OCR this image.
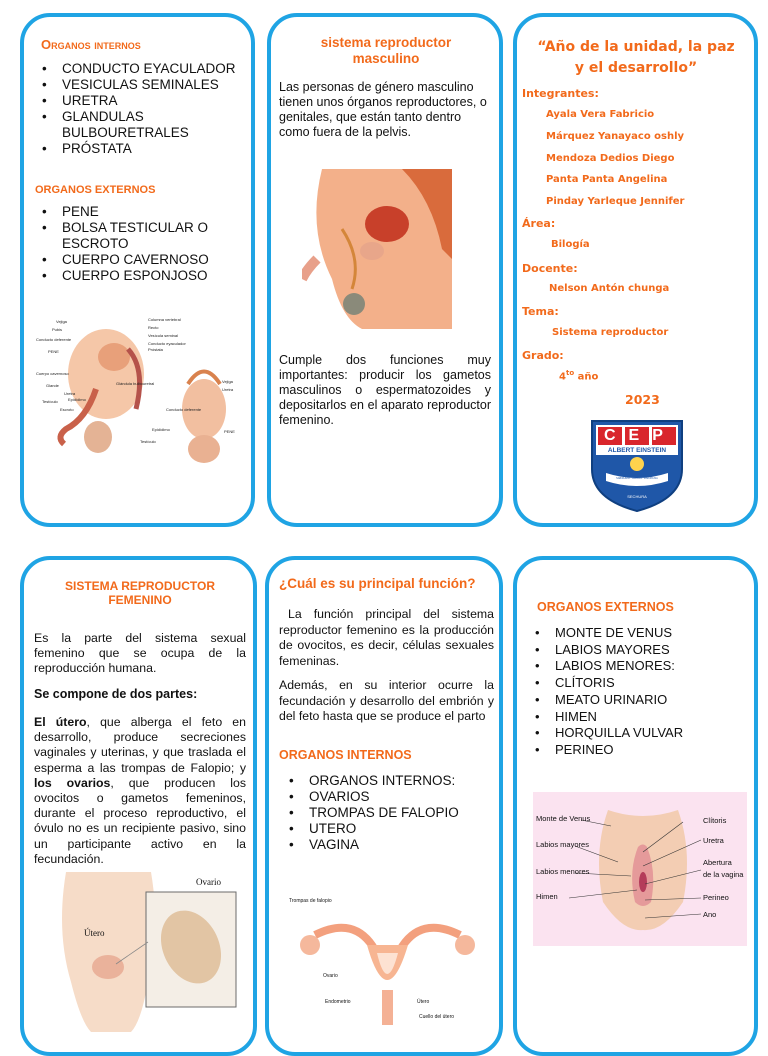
Organos internos
• CONDUCTO EYACULADOR
• VESICULAS SEMINALES
• URETRA
• GLANDULAS BULBOURETRALES
• PRÓSTATA
ORGANOS EXTERNOS
• PENE
• BOLSA TESTICULAR O ESCROTO
• CUERPO CAVERNOSO
• CUERPO ESPONJOSO
Vejiga
Pubis
Conducto deferente
PENE
Cuerpo cavernoso
Glande
Testículo
Uretra
Epidídimo
Escroto
Columna vertebral
Recto
Vesícula seminal
Conducto eyaculador
Próstata
Glándula bulbouretral	Vejiga
Uretra
Conducto deferente
PENE
Epidídimo
Testículo
sistema reproductor masculino
Las personas de género masculino tienen unos órganos reproductores, o genitales, que están tanto dentro como fuera de la pelvis.
Cumple dos funciones muy importantes: producir los gametos masculinos o espermatozoides y depositarlos en el aparato reproductor femenino.
“Año de la unidad, la paz y el desarrollo”
Integrantes:
Ayala Vera Fabricio
Márquez Yanayaco oshly
Mendoza Dedios Diego
Panta Panta Angelina
Pinday Yarleque Jennifer
Área:
Bilogía
Docente:
Nelson Antón chunga
Tema:
Sistema reproductor
Grado:
$4^{to}$ año
2023
CEP
ALBERT EINSTEIN
SABIDURÍA · CIENCIA · DISCIPLINA
SECHURA
SISTEMA REPRODUCTOR FEMENINO
Es la parte del sistema sexual femenino que se ocupa de la reproducción humana.
Se compone de dos partes:
El útero, que alberga el feto en desarrollo, produce secreciones vaginales y uterinas, y que traslada el esperma a las trompas de Falopio; y los ovarios, que producen los ovocitos o gametos femeninos, durante el proceso reproductivo, el óvulo no es un recipiente pasivo, sino un participante activo en la fecundación.
Ovario
Útero
¿Cuál es su principal función?
La función principal del sistema reproductor femenino es la producción de ovocitos, es decir, células sexuales femeninas.
Además, en su interior ocurre la fecundación y desarrollo del embrión y del feto hasta que se produce el parto
ORGANOS INTERNOS
• ORGANOS INTERNOS:
• OVARIOS
• TROMPAS DE FALOPIO
• UTERO
• VAGINA
Trompas de falopio
Ovario
Endometrio	Útero
Cuello del útero
ORGANOS EXTERNOS
• MONTE DE VENUS
• LABIOS MAYORES
• LABIOS MENORES:
• CLÍTORIS
• MEATO URINARIO
• HIMEN
• HORQUILLA VULVAR
• PERINEO
Monte de Venus
Labios mayores
Labios menores
Himen
Clítoris
Uretra
Abertura
de la vagina
Perineo
Ano
